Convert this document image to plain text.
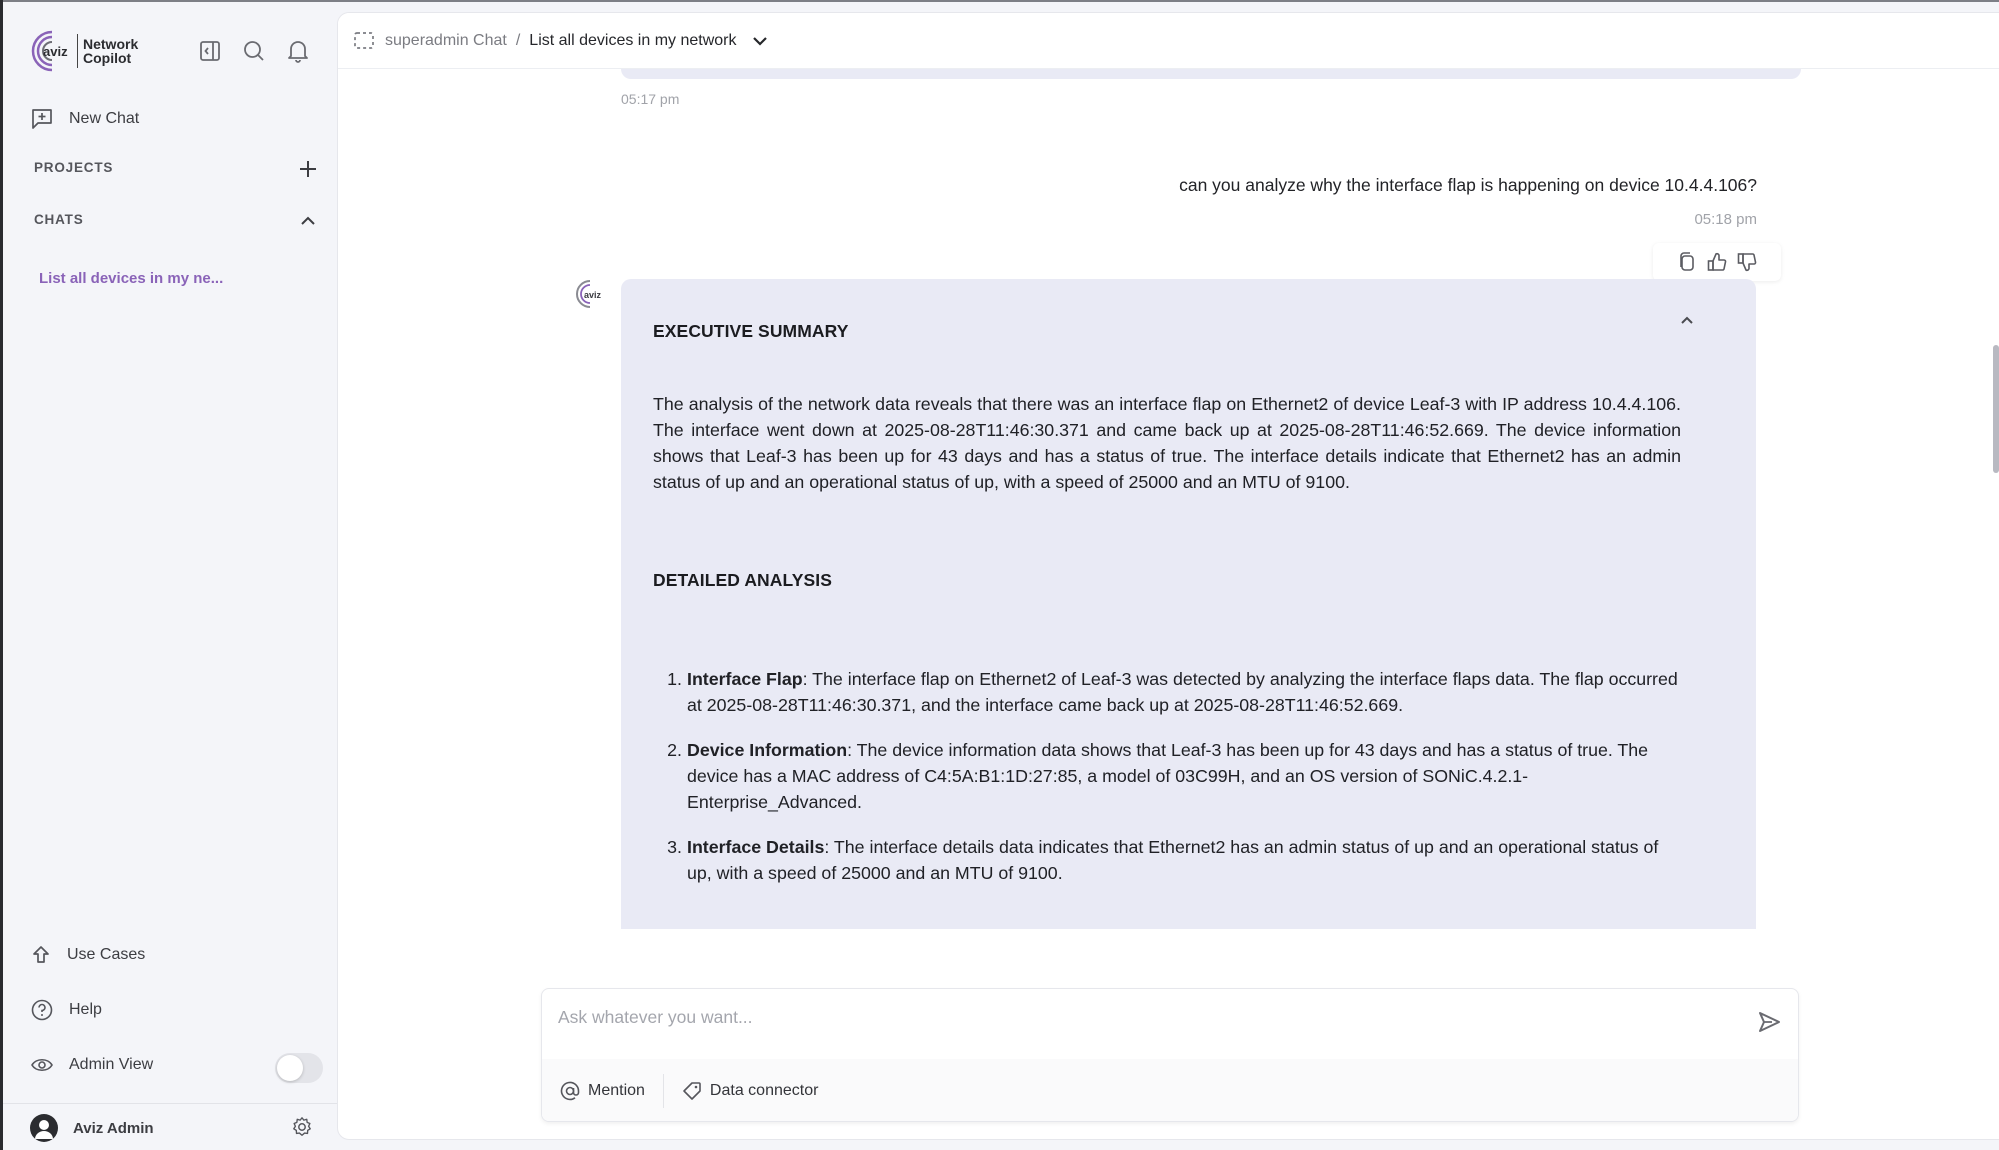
aviz Network
Copilot
New Chat
PROJECTS
CHATS
List all devices in my ne...
Use Cases
Help
Admin View
Aviz Admin
superadmin Chat / List all devices in my network
05:17 pm
can you analyze why the interface flap is happening on device 10.4.4.106?
05:18 pm
aviz
EXECUTIVE SUMMARY

The analysis of the network data reveals that there was an interface flap on Ethernet2 of device Leaf-3 with IP address 10.4.4.106. The interface went down at 2025-08-28T11:46:30.371 and came back up at 2025-08-28T11:46:52.669. The device information shows that Leaf-3 has been up for 43 days and has a status of true. The interface details indicate that Ethernet2 has an admin status of up and an operational status of up, with a speed of 25000 and an MTU of 9100.

DETAILED ANALYSIS
1. Interface Flap: The interface flap on Ethernet2 of Leaf-3 was detected by analyzing the interface flaps data. The flap occurred at 2025-08-28T11:46:30.371, and the interface came back up at 2025-08-28T11:46:52.669.
2. Device Information: The device information data shows that Leaf-3 has been up for 43 days and has a status of true. The device has a MAC address of C4:5A:B1:1D:27:85, a model of 03C99H, and an OS version of SONiC.4.2.1-Enterprise_Advanced.
3. Interface Details: The interface details data indicates that Ethernet2 has an admin status of up and an operational status of up, with a speed of 25000 and an MTU of 9100.
Ask whatever you want...
Mention	Data connector
